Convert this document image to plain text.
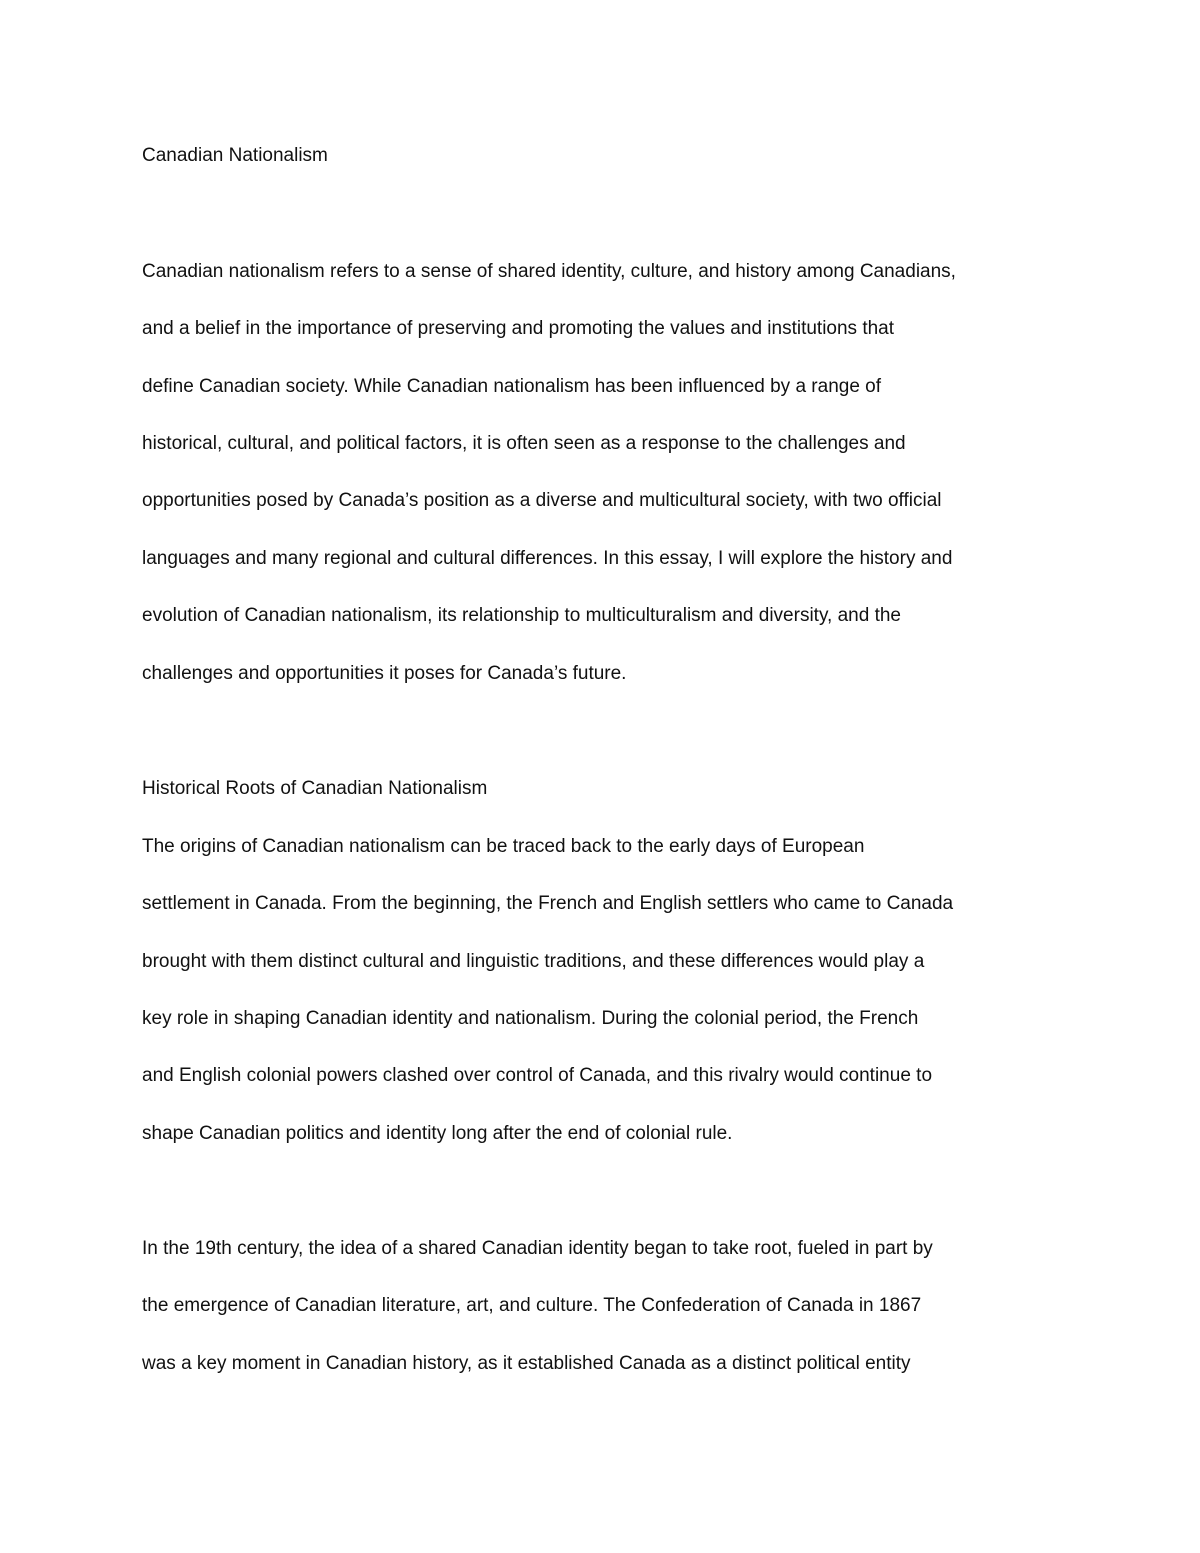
Canadian Nationalism

Canadian nationalism refers to a sense of shared identity, culture, and history among Canadians,

and a belief in the importance of preserving and promoting the values and institutions that

define Canadian society. While Canadian nationalism has been influenced by a range of

historical, cultural, and political factors, it is often seen as a response to the challenges and

opportunities posed by Canada’s position as a diverse and multicultural society, with two official

languages and many regional and cultural differences. In this essay, I will explore the history and

evolution of Canadian nationalism, its relationship to multiculturalism and diversity, and the

challenges and opportunities it poses for Canada’s future.

Historical Roots of Canadian Nationalism

The origins of Canadian nationalism can be traced back to the early days of European

settlement in Canada. From the beginning, the French and English settlers who came to Canada

brought with them distinct cultural and linguistic traditions, and these differences would play a

key role in shaping Canadian identity and nationalism. During the colonial period, the French

and English colonial powers clashed over control of Canada, and this rivalry would continue to

shape Canadian politics and identity long after the end of colonial rule.

In the 19th century, the idea of a shared Canadian identity began to take root, fueled in part by

the emergence of Canadian literature, art, and culture. The Confederation of Canada in 1867

was a key moment in Canadian history, as it established Canada as a distinct political entity
